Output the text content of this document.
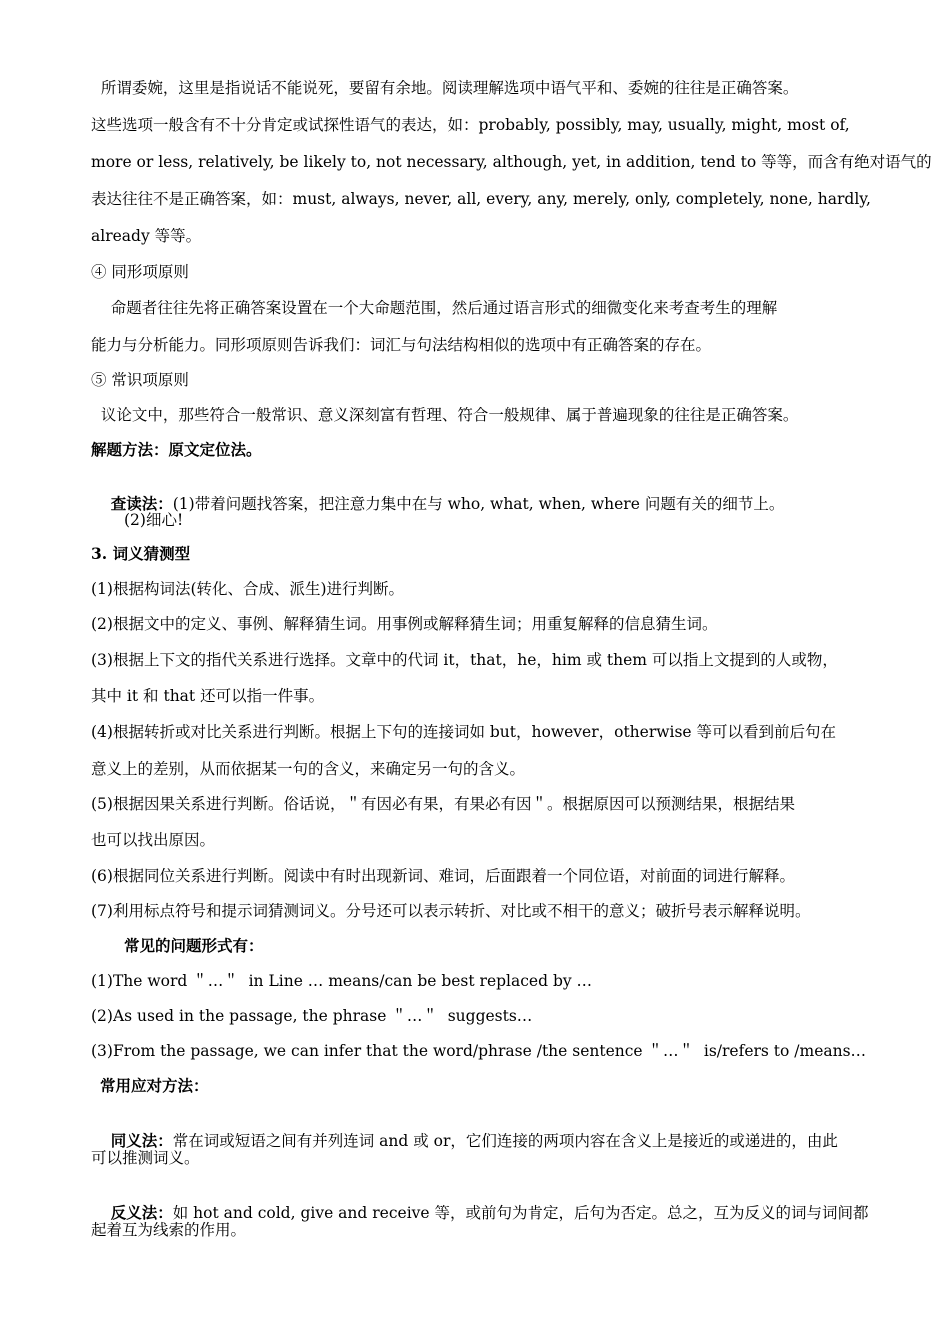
所谓委婉，这里是指说话不能说死，要留有余地。阅读理解选项中语气平和、委婉的往往是正确答案。

这些选项一般含有不十分肯定或试探性语气的表达，如：probably, possibly, may, usually, might, most of,

more or less, relatively, be likely to, not necessary, although, yet, in addition, tend to 等等，而含有绝对语气的

表达往往不是正确答案，如：must, always, never, all, every, any, merely, only, completely, none, hardly,

already 等等。

④ 同形项原则

命题者往往先将正确答案设置在一个大命题范围，然后通过语言形式的细微变化来考查考生的理解

能力与分析能力。同形项原则告诉我们：词汇与句法结构相似的选项中有正确答案的存在。

⑤ 常识项原则

议论文中，那些符合一般常识、意义深刻富有哲理、符合一般规律、属于普遍现象的往往是正确答案。

解题方法：原文定位法。

查读法：(1)带着问题找答案，把注意力集中在与 who, what, when, where 问题有关的细节上。

(2)细心!

3. 词义猜测型

(1)根据构词法(转化、合成、派生)进行判断。

(2)根据文中的定义、事例、解释猜生词。用事例或解释猜生词；用重复解释的信息猜生词。

(3)根据上下文的指代关系进行选择。文章中的代词 it，that，he，him 或 them 可以指上文提到的人或物，

其中 it 和 that 还可以指一件事。

(4)根据转折或对比关系进行判断。根据上下句的连接词如 but，however，otherwise 等可以看到前后句在

意义上的差别，从而依据某一句的含义，来确定另一句的含义。

(5)根据因果关系进行判断。俗话说，＂有因必有果，有果必有因＂。根据原因可以预测结果，根据结果

也可以找出原因。

(6)根据同位关系进行判断。阅读中有时出现新词、难词，后面跟着一个同位语，对前面的词进行解释。

(7)利用标点符号和提示词猜测词义。分号还可以表示转折、对比或不相干的意义；破折号表示解释说明。

常见的问题形式有：

(1)The word ＂…＂  in Line … means/can be best replaced by …

(2)As used in the passage, the phrase ＂…＂  suggests…

(3)From the passage, we can infer that the word/phrase /the sentence ＂…＂  is/refers to /means…

常用应对方法：

同义法：常在词或短语之间有并列连词 and 或 or，它们连接的两项内容在含义上是接近的或递进的，由此

可以推测词义。

反义法：如 hot and cold, give and receive 等，或前句为肯定，后句为否定。总之，互为反义的词与词间都

起着互为线索的作用。
